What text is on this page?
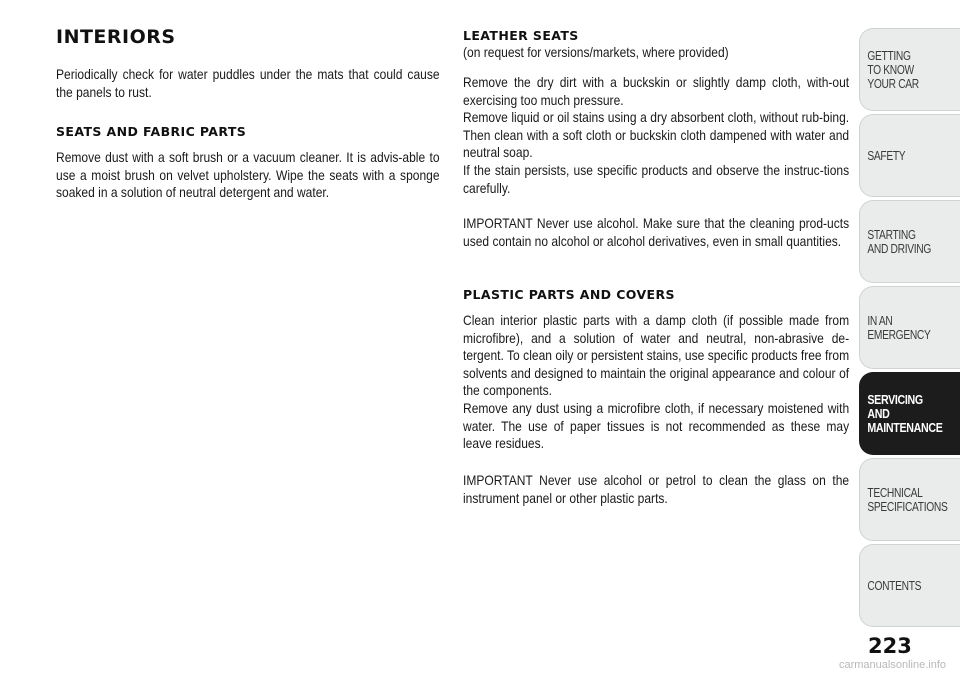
INTERIORS

Periodically check for water puddles under the mats that could cause the panels to rust.

SEATS AND FABRIC PARTS

Remove dust with a soft brush or a vacuum cleaner. It is advis-able to use a moist brush on velvet upholstery. Wipe the seats with a sponge soaked in a solution of neutral detergent and water.

LEATHER SEATS

(on request for versions/markets, where provided)

Remove the dry dirt with a buckskin or slightly damp cloth, with-out exercising too much pressure.
Remove liquid or oil stains using a dry absorbent cloth, without rub-bing. Then clean with a soft cloth or buckskin cloth dampened with water and neutral soap.
If the stain persists, use specific products and observe the instruc-tions carefully.

IMPORTANT Never use alcohol. Make sure that the cleaning prod-ucts used contain no alcohol or alcohol derivatives, even in small quantities.

PLASTIC PARTS AND COVERS

Clean interior plastic parts with a damp cloth (if possible made from microfibre), and a solution of water and neutral, non-abrasive de-tergent. To clean oily or persistent stains, use specific products free from solvents and designed to maintain the original appearance and colour of the components.
Remove any dust using a microfibre cloth, if necessary moistened with water. The use of paper tissues is not recommended as these may leave residues.

IMPORTANT Never use alcohol or petrol to clean the glass on the instrument panel or other plastic parts.

GETTING
TO KNOW
YOUR CAR
SAFETY
STARTING
AND DRIVING
IN AN
EMERGENCY
SERVICING AND
MAINTENANCE
TECHNICAL
SPECIFICATIONS
CONTENTS
223
carmanualsonline.info
